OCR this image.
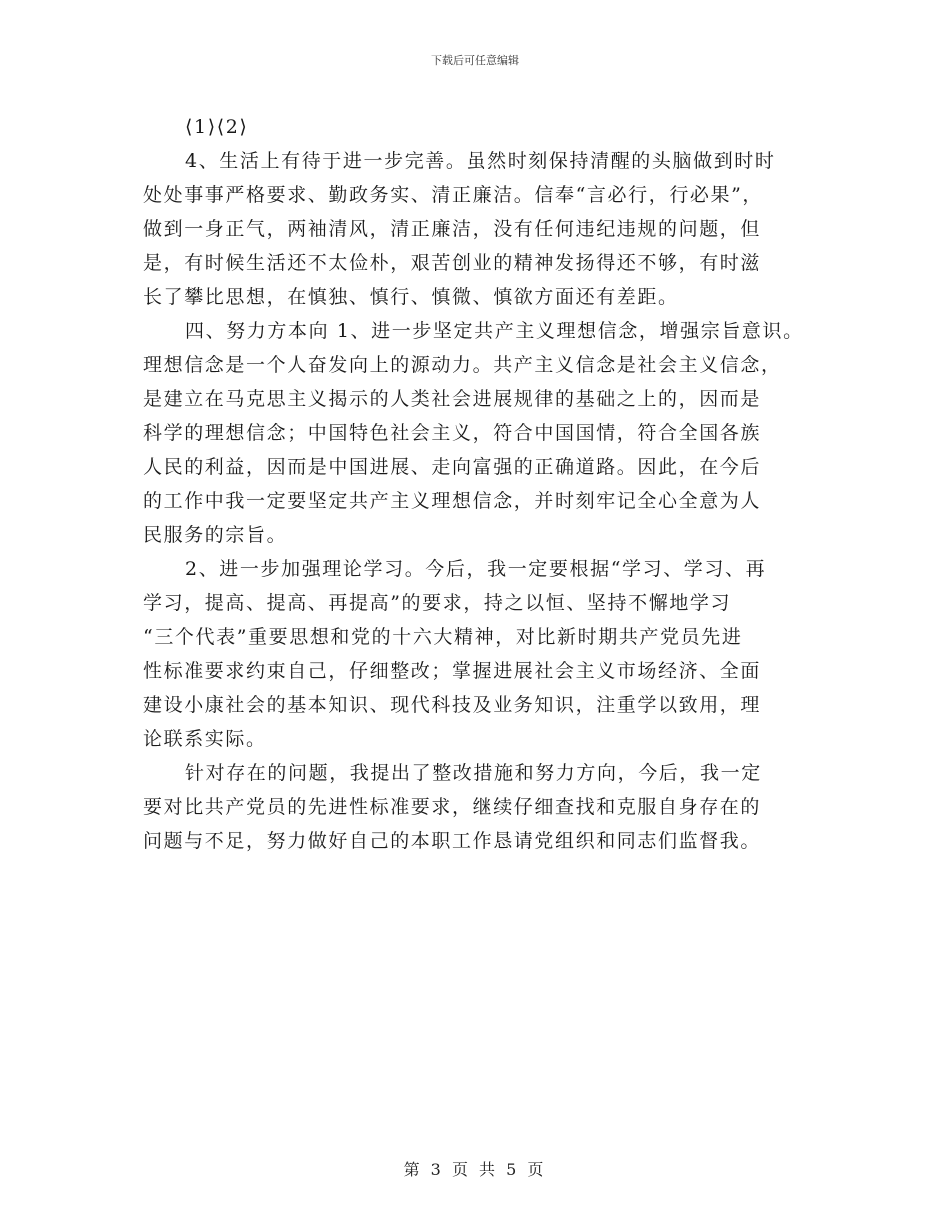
下载后可任意编辑
⟨1⟩⟨2⟩
4、生活上有待于进一步完善。虽然时刻保持清醒的头脑做到时时
处处事事严格要求、勤政务实、清正廉洁。信奉“言必行，行必果”，
做到一身正气，两袖清风，清正廉洁，没有任何违纪违规的问题，但
是，有时候生活还不太俭朴，艰苦创业的精神发扬得还不够，有时滋
长了攀比思想，在慎独、慎行、慎微、慎欲方面还有差距。
四、努力方本向 1、进一步坚定共产主义理想信念，增强宗旨意识。
理想信念是一个人奋发向上的源动力。共产主义信念是社会主义信念，
是建立在马克思主义揭示的人类社会进展规律的基础之上的，因而是
科学的理想信念；中国特色社会主义，符合中国国情，符合全国各族
人民的利益，因而是中国进展、走向富强的正确道路。因此，在今后
的工作中我一定要坚定共产主义理想信念，并时刻牢记全心全意为人
民服务的宗旨。
2、进一步加强理论学习。今后，我一定要根据“学习、学习、再
学习，提高、提高、再提高”的要求，持之以恒、坚持不懈地学习
“三个代表”重要思想和党的十六大精神，对比新时期共产党员先进
性标准要求约束自己，仔细整改；掌握进展社会主义市场经济、全面
建设小康社会的基本知识、现代科技及业务知识，注重学以致用，理
论联系实际。
针对存在的问题，我提出了整改措施和努力方向，今后，我一定
要对比共产党员的先进性标准要求，继续仔细查找和克服自身存在的
问题与不足，努力做好自己的本职工作恳请党组织和同志们监督我。
第 3 页 共 5 页
